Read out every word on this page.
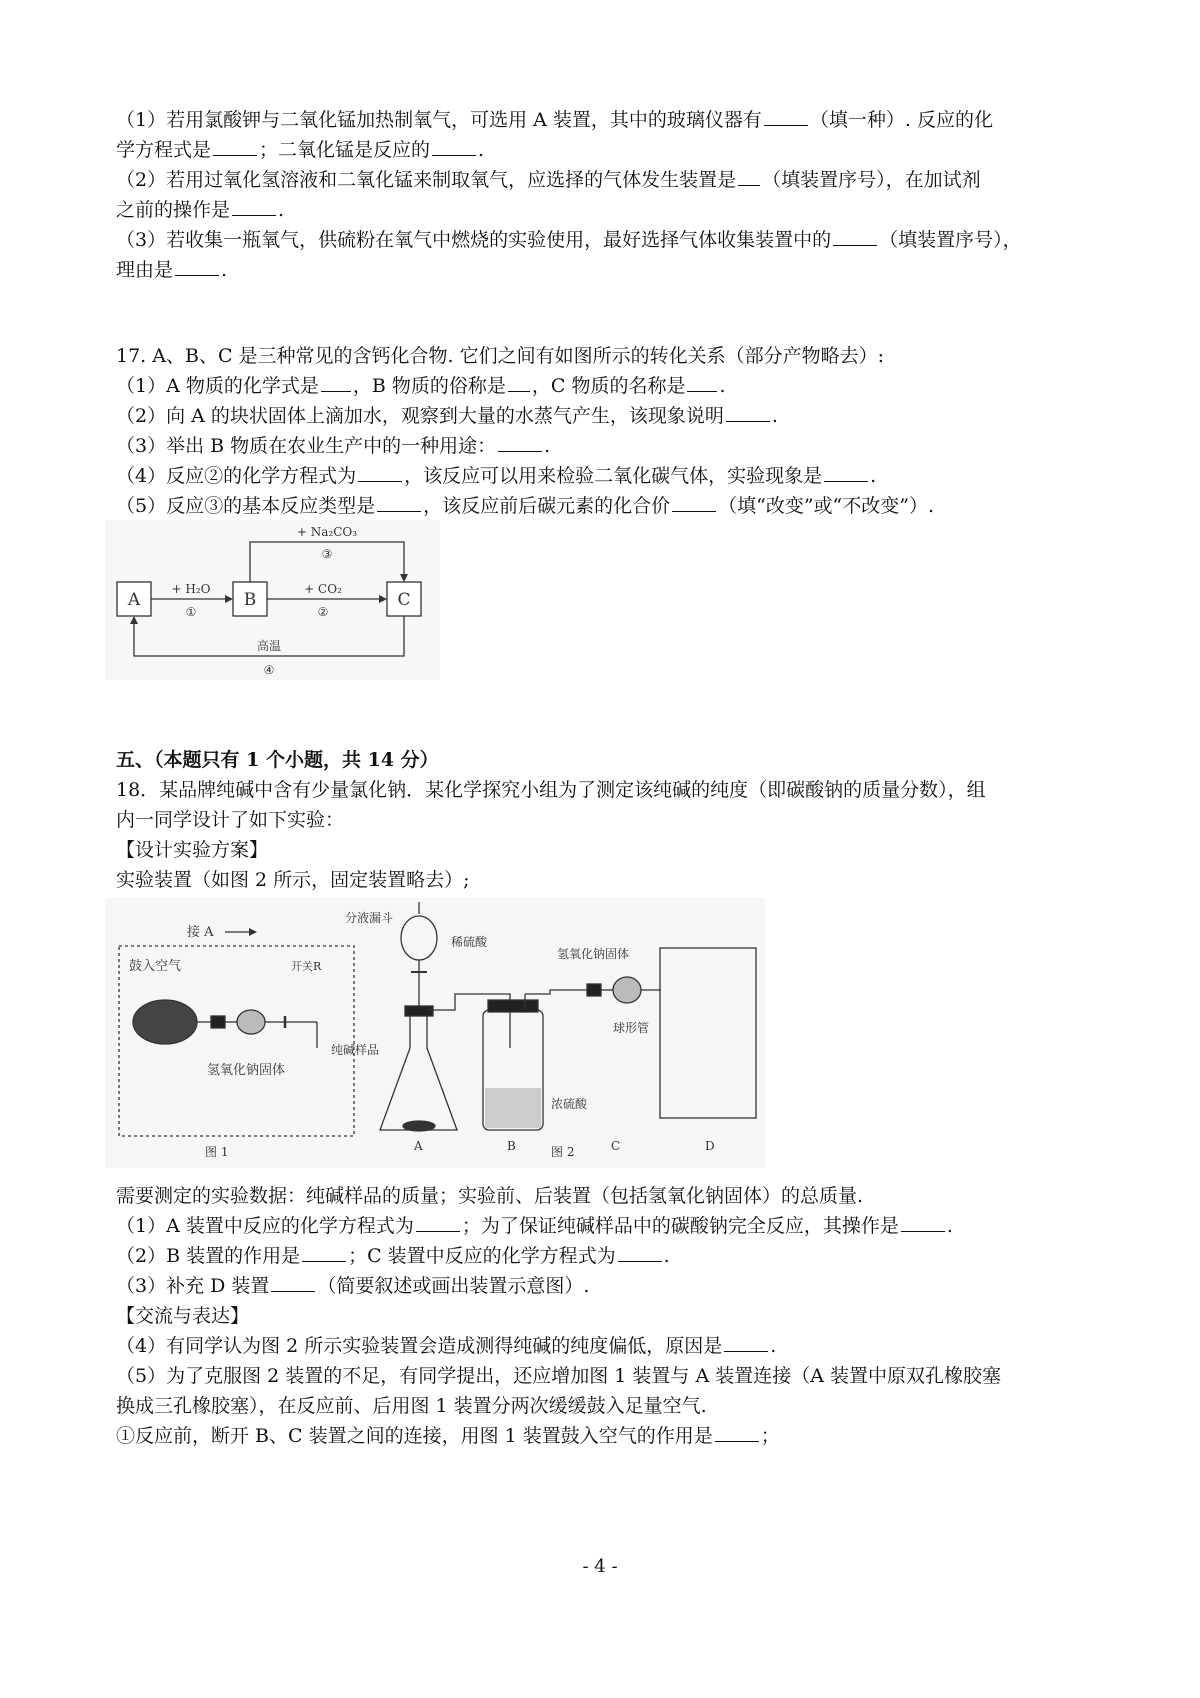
（1）若用氯酸钾与二氧化锰加热制氧气，可选用 A 装置，其中的玻璃仪器有	（填一种）. 反应的化
学方程式是	；二氧化锰是反应的	.
（2）若用过氧化氢溶液和二氧化锰来制取氧气，应选择的气体发生装置是 （填装置序号），在加试剂
之前的操作是	.
（3）若收集一瓶氧气，供硫粉在氧气中燃烧的实验使用，最好选择气体收集装置中的	（填装置序号），
理由是	.
17. A、B、C 是三种常见的含钙化合物. 它们之间有如图所示的转化关系（部分产物略去）:
（1）A 物质的化学式是 ，B 物质的俗称是 ，C 物质的名称是 .
（2）向 A 的块状固体上滴加水，观察到大量的水蒸气产生，该现象说明	.
（3）举出 B 物质在农业生产中的一种用途：	.
（4）反应②的化学方程式为	，该反应可以用来检验二氧化碳气体，实验现象是	.
（5）反应③的基本反应类型是	，该反应前后碳元素的化合价	（填“改变”或“不改变”）.
A	B	C
+ H₂O
①
+ CO₂
②
+ Na₂CO₃
③
高温
④
五、（本题只有 1 个小题，共 14 分）
18．某品牌纯碱中含有少量氯化钠．某化学探究小组为了测定该纯碱的纯度（即碳酸钠的质量分数），组
内一同学设计了如下实验：
【设计实验方案】
实验装置（如图 2 所示，固定装置略去）;
接 A
鼓入空气	开关R
氢氧化钠固体
分液漏斗
稀硫酸
纯碱样品
氢氧化钠固体
球形管
浓硫酸
A	B	C	D
图 1	图 2
需要测定的实验数据：纯碱样品的质量；实验前、后装置（包括氢氧化钠固体）的总质量.
（1）A 装置中反应的化学方程式为	；为了保证纯碱样品中的碳酸钠完全反应，其操作是	.
（2）B 装置的作用是	；C 装置中反应的化学方程式为	.
（3）补充 D 装置	（简要叙述或画出装置示意图）.
【交流与表达】
（4）有同学认为图 2 所示实验装置会造成测得纯碱的纯度偏低，原因是	.
（5）为了克服图 2 装置的不足，有同学提出，还应增加图 1 装置与 A 装置连接（A 装置中原双孔橡胶塞
换成三孔橡胶塞），在反应前、后用图 1 装置分两次缓缓鼓入足量空气.
①反应前，断开 B、C 装置之间的连接，用图 1 装置鼓入空气的作用是	；
- 4 -
